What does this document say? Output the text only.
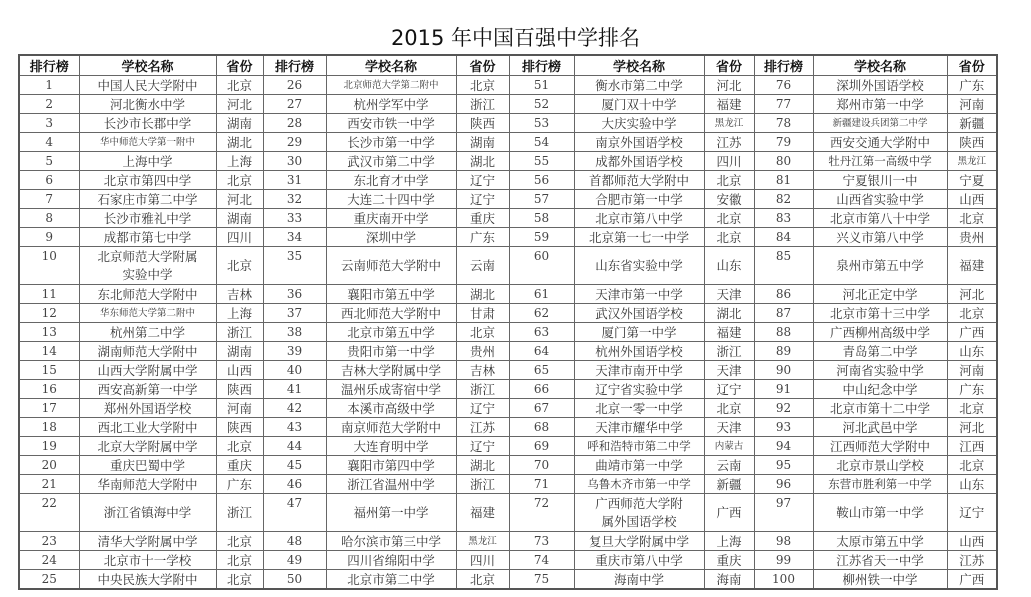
2015 年中国百强中学排名
排行榜	学校名称	省份	排行榜	学校名称	省份	排行榜	学校名称	省份	排行榜	学校名称	省份
1	中国人民大学附中	北京	26	北京师范大学第二附中	北京	51	衡水市第二中学	河北	76	深圳外国语学校	广东
2	河北衡水中学	河北	27	杭州学军中学	浙江	52	厦门双十中学	福建	77	郑州市第一中学	河南
3	长沙市长郡中学	湖南	28	西安市铁一中学	陕西	53	大庆实验中学	黑龙江	78	新疆建设兵团第二中学	新疆
4	华中师范大学第一附中	湖北	29	长沙市第一中学	湖南	54	南京外国语学校	江苏	79	西安交通大学附中	陕西
5	上海中学	上海	30	武汉市第二中学	湖北	55	成都外国语学校	四川	80	牡丹江第一高级中学	黑龙江
6	北京市第四中学	北京	31	东北育才中学	辽宁	56	首都师范大学附中	北京	81	宁夏银川一中	宁夏
7	石家庄市第二中学	河北	32	大连二十四中学	辽宁	57	合肥市第一中学	安徽	82	山西省实验中学	山西
8	长沙市雅礼中学	湖南	33	重庆南开中学	重庆	58	北京市第八中学	北京	83	北京市第八十中学	北京
9	成都市第七中学	四川	34	深圳中学	广东	59	北京第一七一中学	北京	84	兴义市第八中学	贵州
10	北京师范大学附属
实验中学	北京	35	云南师范大学附中	云南	60	山东省实验中学	山东	85	泉州市第五中学	福建
11	东北师范大学附中	吉林	36	襄阳市第五中学	湖北	61	天津市第一中学	天津	86	河北正定中学	河北
12	华东师范大学第二附中	上海	37	西北师范大学附中	甘肃	62	武汉外国语学校	湖北	87	北京市第十三中学	北京
13	杭州第二中学	浙江	38	北京市第五中学	北京	63	厦门第一中学	福建	88	广西柳州高级中学	广西
14	湖南师范大学附中	湖南	39	贵阳市第一中学	贵州	64	杭州外国语学校	浙江	89	青岛第二中学	山东
15	山西大学附属中学	山西	40	吉林大学附属中学	吉林	65	天津市南开中学	天津	90	河南省实验中学	河南
16	西安高新第一中学	陕西	41	温州乐成寄宿中学	浙江	66	辽宁省实验中学	辽宁	91	中山纪念中学	广东
17	郑州外国语学校	河南	42	本溪市高级中学	辽宁	67	北京一零一中学	北京	92	北京市第十二中学	北京
18	西北工业大学附中	陕西	43	南京师范大学附中	江苏	68	天津市耀华中学	天津	93	河北武邑中学	河北
19	北京大学附属中学	北京	44	大连育明中学	辽宁	69	呼和浩特市第二中学	内蒙古	94	江西师范大学附中	江西
20	重庆巴蜀中学	重庆	45	襄阳市第四中学	湖北	70	曲靖市第一中学	云南	95	北京市景山学校	北京
21	华南师范大学附中	广东	46	浙江省温州中学	浙江	71	乌鲁木齐市第一中学	新疆	96	东营市胜利第一中学	山东
22	浙江省镇海中学	浙江	47	福州第一中学	福建	72	广西师范大学附
属外国语学校	广西	97	鞍山市第一中学	辽宁
23	清华大学附属中学	北京	48	哈尔滨市第三中学	黑龙江	73	复旦大学附属中学	上海	98	太原市第五中学	山西
24	北京市十一学校	北京	49	四川省绵阳中学	四川	74	重庆市第八中学	重庆	99	江苏省天一中学	江苏
25	中央民族大学附中	北京	50	北京市第二中学	北京	75	海南中学	海南	100	柳州铁一中学	广西
